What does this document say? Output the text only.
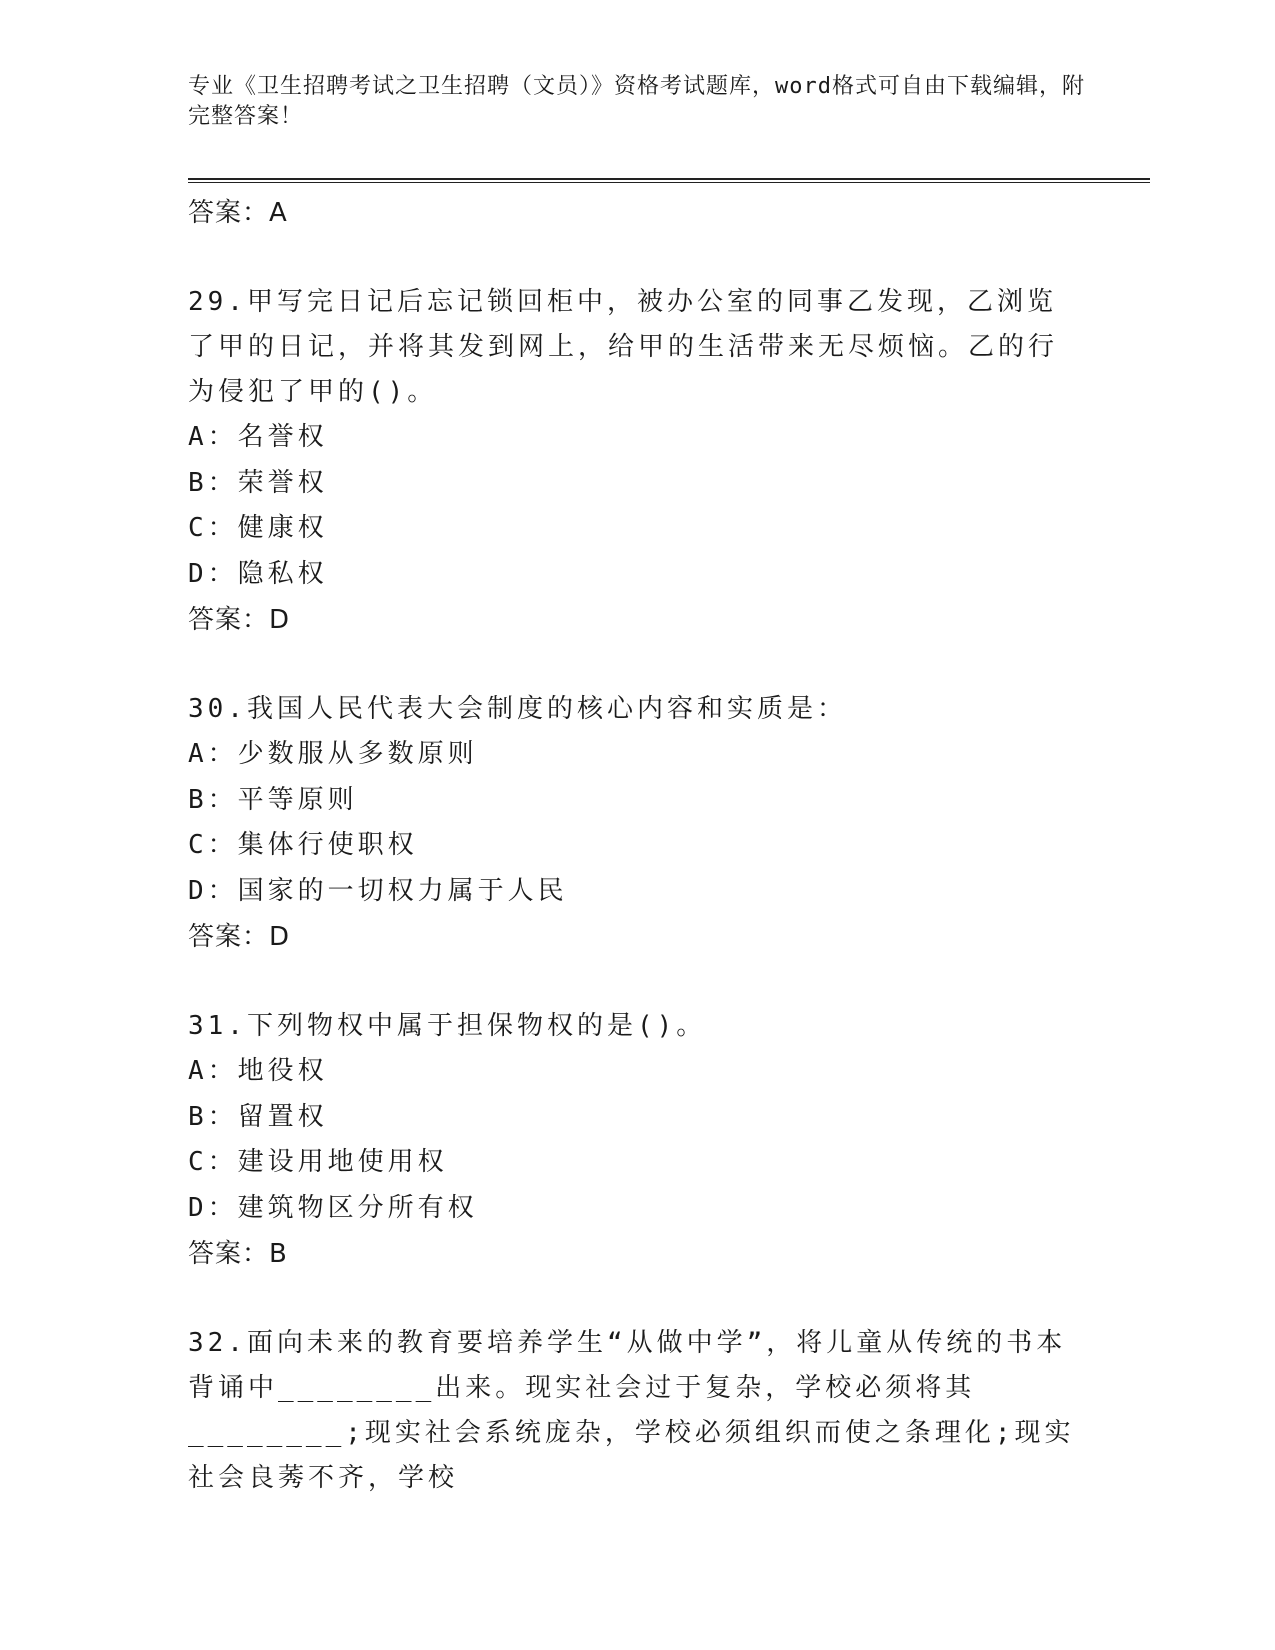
专业《卫生招聘考试之卫生招聘（文员）》资格考试题库，word格式可自由下载编辑，附完整答案！
答案：A
29.甲写完日记后忘记锁回柜中，被办公室的同事乙发现，乙浏览了甲的日记，并将其发到网上，给甲的生活带来无尽烦恼。乙的行为侵犯了甲的()。
A：名誉权
B：荣誉权
C：健康权
D：隐私权
答案：D
30.我国人民代表大会制度的核心内容和实质是：
A：少数服从多数原则
B：平等原则
C：集体行使职权
D：国家的一切权力属于人民
答案：D
31.下列物权中属于担保物权的是()。
A：地役权
B：留置权
C：建设用地使用权
D：建筑物区分所有权
答案：B
32.面向未来的教育要培养学生“从做中学”，将儿童从传统的书本背诵中________出来。现实社会过于复杂，学校必须将其________;现实社会系统庞杂，学校必须组织而使之条理化;现实社会良莠不齐，学校
